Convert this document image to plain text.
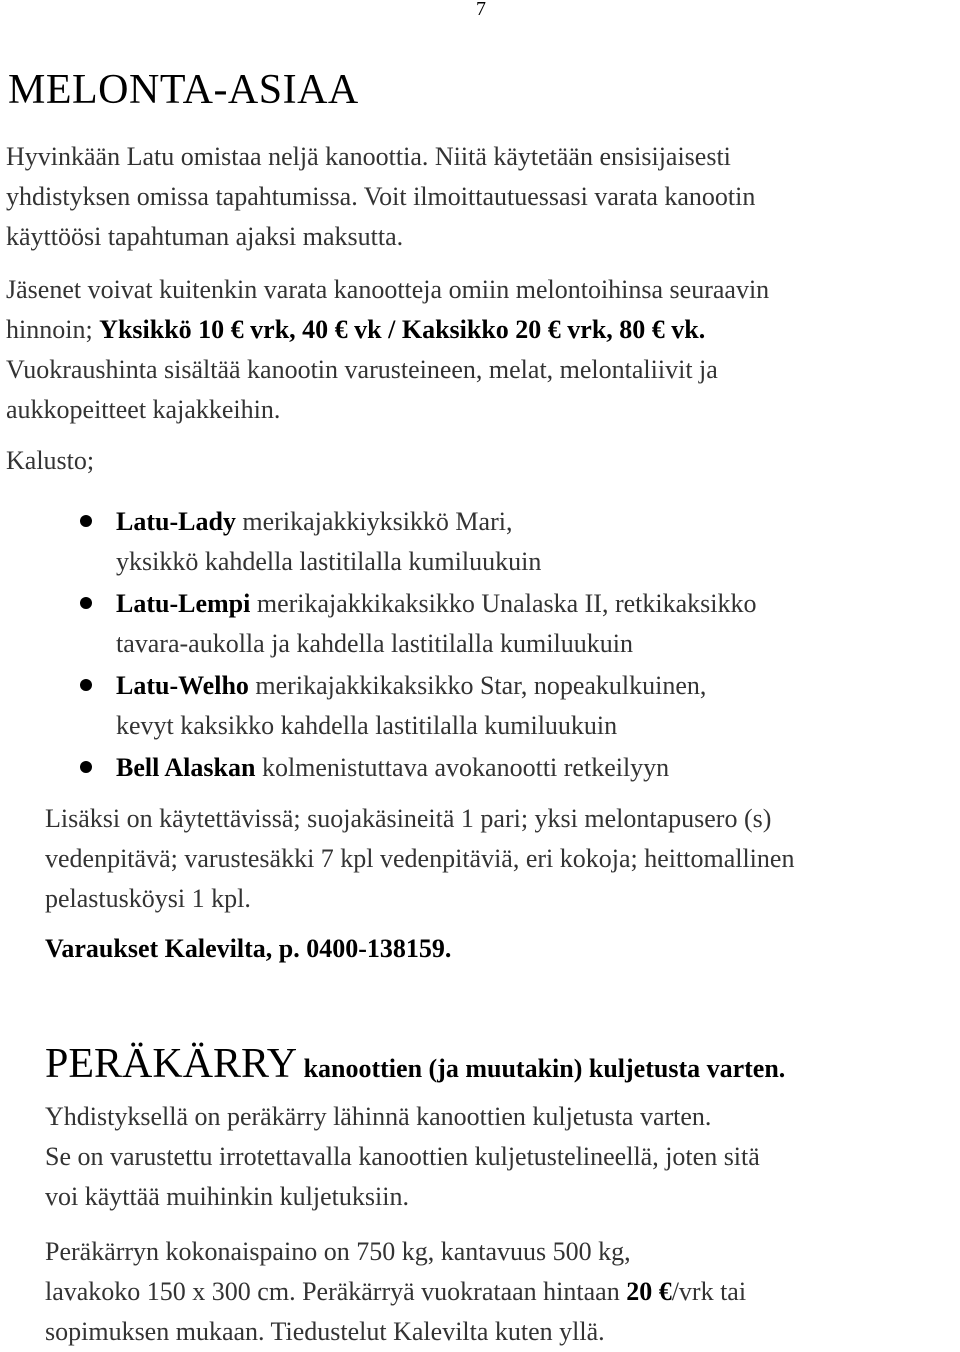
7
MELONTA-ASIAA

Hyvinkään Latu omistaa neljä kanoottia. Niitä käytetään ensisijaisesti
yhdistyksen omissa tapahtumissa. Voit ilmoittautuessasi varata kanootin
käyttöösi tapahtuman ajaksi maksutta.

Jäsenet voivat kuitenkin varata kanootteja omiin melontoihinsa seuraavin
hinnoin; Yksikkö 10 € vrk, 40 € vk / Kaksikko 20 € vrk, 80 € vk.
Vuokraushinta sisältää kanootin varusteineen, melat, melontaliivit ja
aukkopeitteet kajakkeihin.

Kalusto;
Latu-Lady merikajakkiyksikkö Mari,
yksikkö kahdella lastitilalla kumiluukuin
Latu-Lempi merikajakkikaksikko Unalaska II, retkikaksikko
tavara-aukolla ja kahdella lastitilalla kumiluukuin
Latu-Welho merikajakkikaksikko Star, nopeakulkuinen,
kevyt kaksikko kahdella lastitilalla kumiluukuin
Bell Alaskan kolmenistuttava avokanootti retkeilyyn

Lisäksi on käytettävissä; suojakäsineitä 1 pari; yksi melontapusero (s)
vedenpitävä; varustesäkki 7 kpl vedenpitäviä, eri kokoja; heittomallinen
pelastusköysi 1 kpl.

Varaukset Kalevilta, p. 0400-138159.

PERÄKÄRRY kanoottien (ja muutakin) kuljetusta varten.

Yhdistyksellä on peräkärry lähinnä kanoottien kuljetusta varten.
Se on varustettu irrotettavalla kanoottien kuljetustelineellä, joten sitä
voi käyttää muihinkin kuljetuksiin.

Peräkärryn kokonaispaino on 750 kg, kantavuus 500 kg,
lavakoko 150 x 300 cm. Peräkärryä vuokrataan hintaan 20 €/vrk tai
sopimuksen mukaan. Tiedustelut Kalevilta kuten yllä.
